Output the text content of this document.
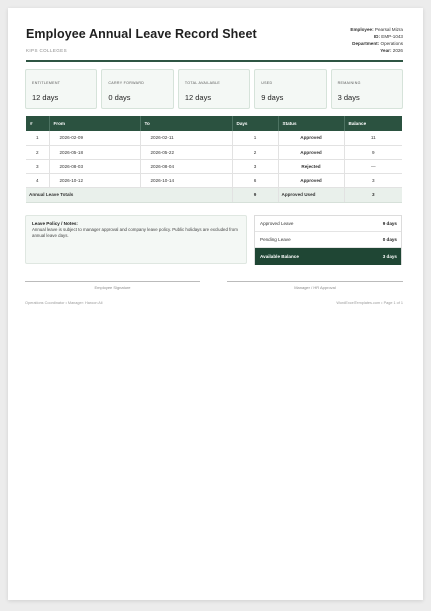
Employee Annual Leave Record Sheet
KIPS COLLEGES
Employee: Pearsal Mizra
ID: EMP-1043
Department: Operations
Year: 2026
ENTITLEMENT
12 days
CARRY FORWARD
0 days
TOTAL AVAILABLE
12 days
USED
9 days
REMAINING
3 days
#	From	To	Days	Status	Balance
1	2026-02-09	2026-02-11	1	Approved	11
2	2026-05-18	2026-05-22	2	Approved	9
3	2026-08-03	2026-08-04	3	Rejected	—
4	2026-10-12	2026-10-14	6	Approved	3
Annual Leave Totals			9	Approved Used	3
Leave Policy / Notes:
Annual leave is subject to manager approval and company leave policy. Public holidays are excluded from annual leave days.
Approved Leave	9 days
Pending Leave	0 days
Available Balance	3 days
Employee Signature	Manager / HR Approval
Operations Coordinator • Manager: Haroon Ali	WordExcelTemplates.com • Page 1 of 1
